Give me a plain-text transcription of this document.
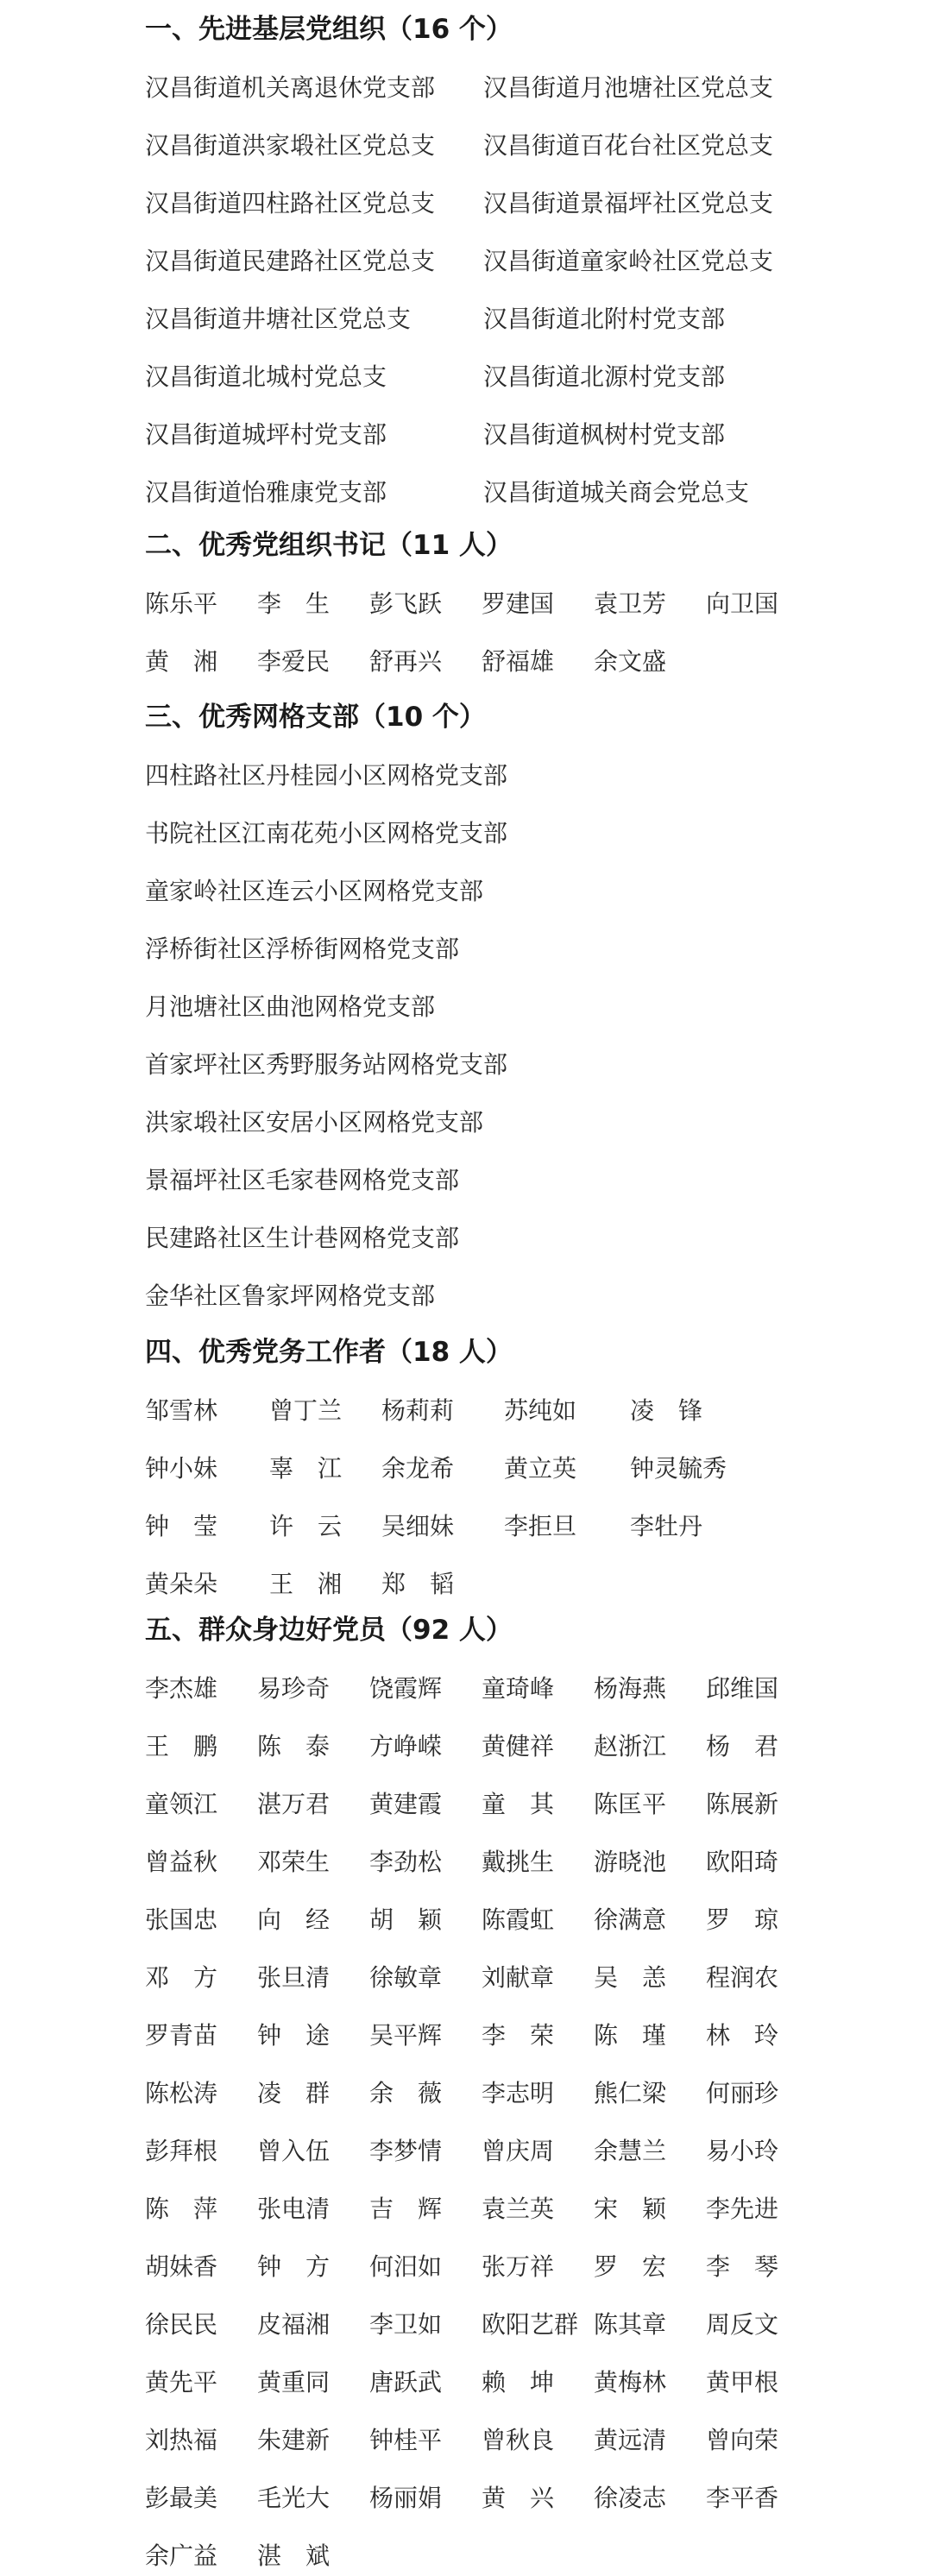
一、先进基层党组织（16 个）
汉昌街道机关离退休党支部 汉昌街道月池塘社区党总支
汉昌街道洪家塅社区党总支 汉昌街道百花台社区党总支
汉昌街道四柱路社区党总支 汉昌街道景福坪社区党总支
汉昌街道民建路社区党总支 汉昌街道童家岭社区党总支
汉昌街道井塘社区党总支	汉昌街道北附村党支部
汉昌街道北城村党总支	汉昌街道北源村党支部
汉昌街道城坪村党支部	汉昌街道枫树村党支部
汉昌街道怡雅康党支部	汉昌街道城关商会党总支
二、优秀党组织书记（11 人）
陈乐平 李　生 彭飞跃 罗建国 袁卫芳 向卫国
黄　湘 李爱民 舒再兴 舒福雄 余文盛
三、优秀网格支部（10 个）
四柱路社区丹桂园小区网格党支部
书院社区江南花苑小区网格党支部
童家岭社区连云小区网格党支部
浮桥街社区浮桥街网格党支部
月池塘社区曲池网格党支部
首家坪社区秀野服务站网格党支部
洪家塅社区安居小区网格党支部
景福坪社区毛家巷网格党支部
民建路社区生计巷网格党支部
金华社区鲁家坪网格党支部
四、优秀党务工作者（18 人）
邹雪林 曾丁兰 杨莉莉 苏纯如 凌　锋
钟小妹 辜　江 余龙希 黄立英 钟灵毓秀
钟　莹 许　云 吴细妹 李拒旦 李牡丹
黄朵朵 王　湘 郑　韬
五、群众身边好党员（92 人）
李杰雄 易珍奇 饶霞辉 童琦峰 杨海燕 邱维国
王　鹏 陈　泰 方峥嵘 黄健祥 赵浙江 杨　君
童领江 湛万君 黄建霞 童　其 陈匡平 陈展新
曾益秋 邓荣生 李劲松 戴挑生 游晓池 欧阳琦
张国忠 向　经 胡　颖 陈霞虹 徐满意 罗　琼
邓　方 张旦清 徐敏章 刘献章 吴　恙 程润农
罗青苗 钟　途 吴平辉 李　荣 陈　瑾 林　玲
陈松涛 凌　群 余　薇 李志明 熊仁梁 何丽珍
彭拜根 曾入伍 李梦情 曾庆周 余慧兰 易小玲
陈　萍 张电清 吉　辉 袁兰英 宋　颖 李先进
胡妹香 钟　方 何汨如 张万祥 罗　宏 李　琴
徐民民 皮福湘 李卫如 欧阳艺群 陈其章 周反文
黄先平 黄重同 唐跃武 赖　坤 黄梅林 黄甲根
刘热福 朱建新 钟桂平 曾秋良 黄远清 曾向荣
彭最美 毛光大 杨丽娟 黄　兴 徐凌志 李平香
余广益 湛　斌
